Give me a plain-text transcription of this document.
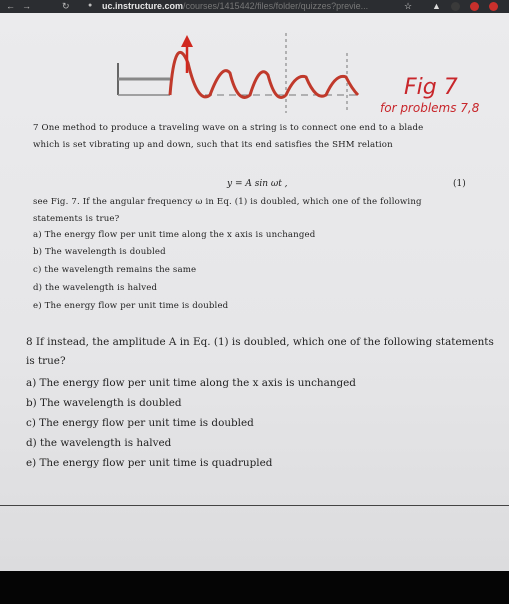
← →	↻	● uc.instructure.com/courses/1415442/files/folder/quizzes?previe...	☆ ▲
Fig 7
for problems 7,8
7 One method to produce a traveling wave on a string is to connect one end to a blade
which is set vibrating up and down, such that its end satisfies the SHM relation
y = A sin ωt ,	(1)
see Fig. 7. If the angular frequency ω in Eq. (1) is doubled, which one of the following
statements is true?
a) The energy flow per unit time along the x axis is unchanged
b) The wavelength is doubled
c) the wavelength remains the same
d) the wavelength is halved
e) The energy flow per unit time is doubled
8 If instead, the amplitude A in Eq. (1) is doubled, which one of the following statements
is true?
a) The energy flow per unit time along the x axis is unchanged
b) The wavelength is doubled
c) The energy flow per unit time is doubled
d) the wavelength is halved
e) The energy flow per unit time is quadrupled
